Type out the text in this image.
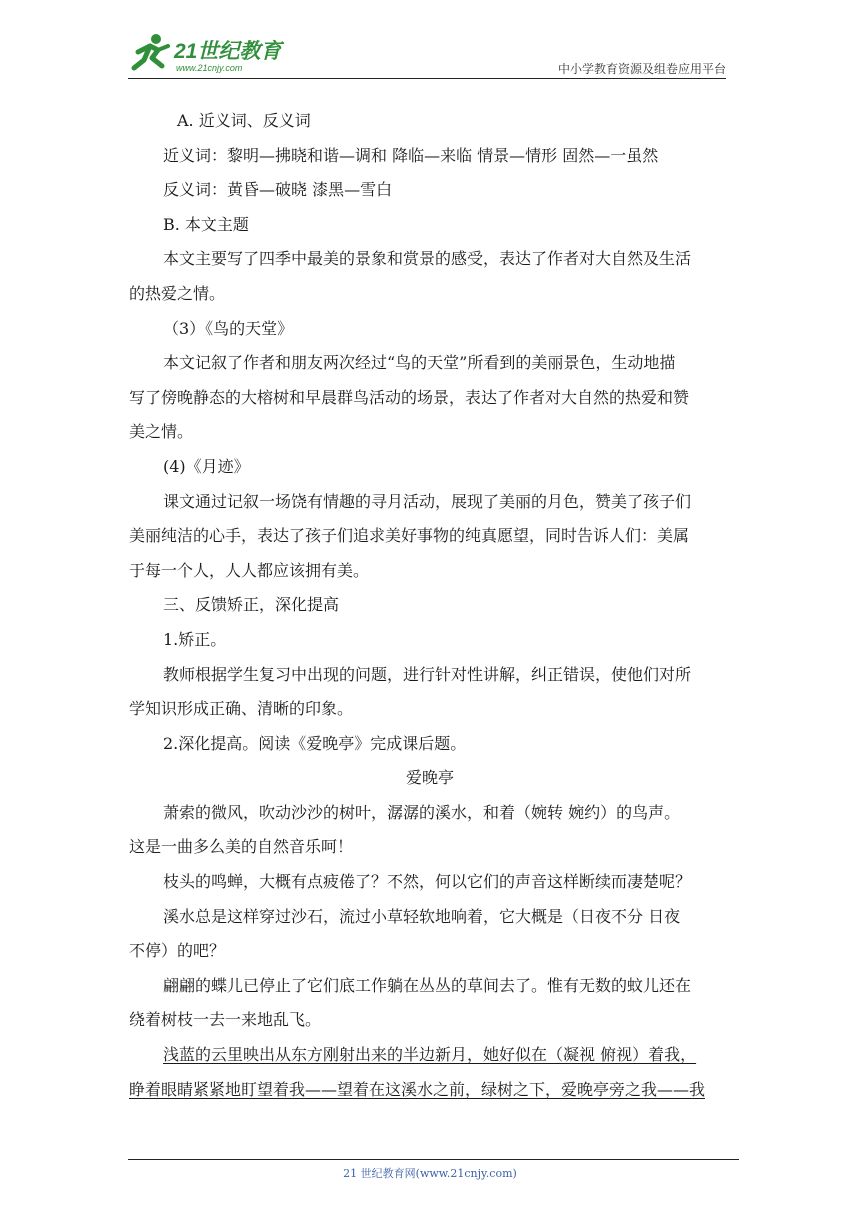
21世纪教育
www.21cnjy.com	中小学教育资源及组卷应用平台

A. 近义词、反义词

近义词：黎明—拂晓和谐—调和 降临—来临 情景—情形 固然—一虽然

反义词：黄昏—破晓 漆黑—雪白

B. 本文主题

本文主要写了四季中最美的景象和赏景的感受，表达了作者对大自然及生活

的热爱之情。

（3）《鸟的天堂》

本文记叙了作者和朋友两次经过“鸟的天堂”所看到的美丽景色，生动地描

写了傍晚静态的大榕树和早晨群鸟活动的场景，表达了作者对大自然的热爱和赞

美之情。

(4)《月迹》

课文通过记叙一场饶有情趣的寻月活动，展现了美丽的月色，赞美了孩子们

美丽纯洁的心手，表达了孩子们追求美好事物的纯真愿望，同时告诉人们：美属

于每一个人，人人都应该拥有美。

三、反馈矫正，深化提高

1.矫正。

教师根据学生复习中出现的问题，进行针对性讲解，纠正错误，使他们对所

学知识形成正确、清晰的印象。

2.深化提高。阅读《爱晚亭》完成课后题。

爱晚亭

萧索的微风，吹动沙沙的树叶，潺潺的溪水，和着（婉转 婉约）的鸟声。

这是一曲多么美的自然音乐呵！

枝头的鸣蝉，大概有点疲倦了？不然，何以它们的声音这样断续而凄楚呢？

溪水总是这样穿过沙石，流过小草轻软地响着，它大概是（日夜不分 日夜

不停）的吧？

翩翩的蝶儿已停止了它们底工作躺在丛丛的草间去了。惟有无数的蚊儿还在

绕着树枝一去一来地乱飞。

浅蓝的云里映出从东方刚射出来的半边新月，她好似在（凝视 俯视）着我，

睁着眼睛紧紧地盯望着我——望着在这溪水之前，绿树之下，爱晚亭旁之我——我

21 世纪教育网(www.21cnjy.com)
